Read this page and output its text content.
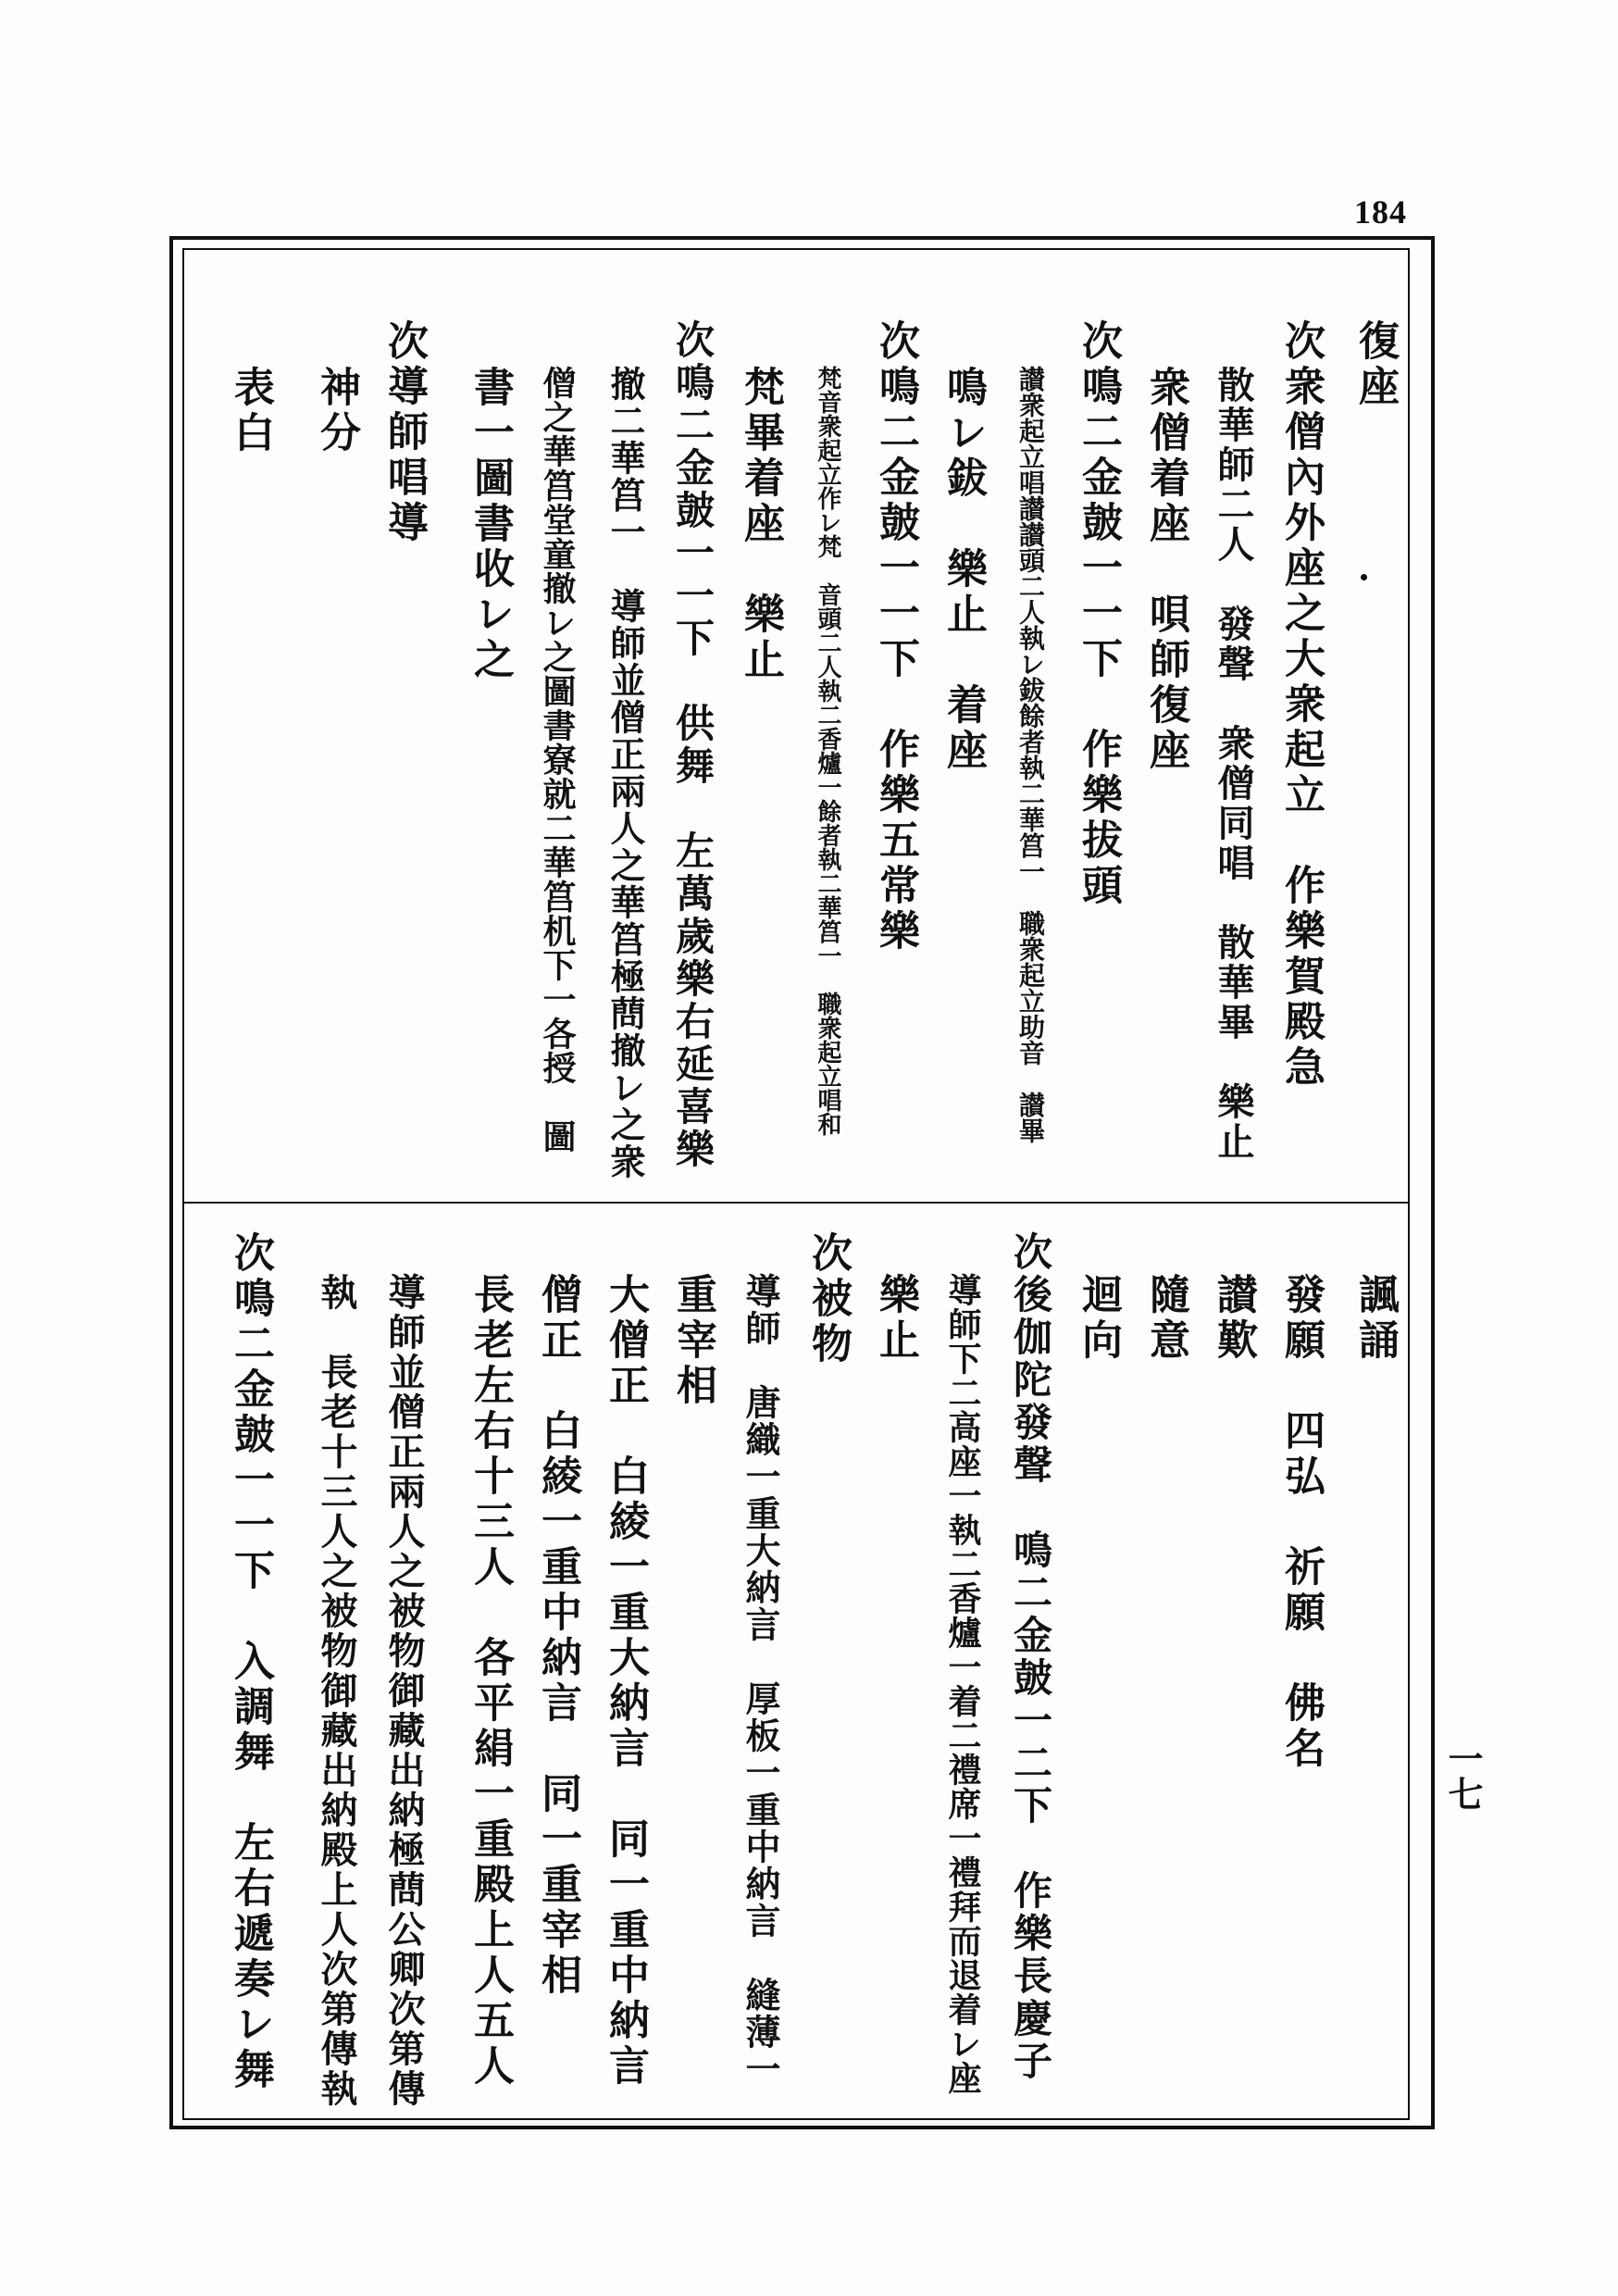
184
一七
復座
次衆僧內外座之大衆起立　作樂賀殿急
散華師二人　發聲　衆僧同唱　散華畢　樂止
衆僧着座　唄師復座
次鳴二金皷一一下　作樂拔頭
讃衆起立唱讃讃頭二人執レ鈸餘者執二華筥一　職衆起立助音　讃畢
鳴レ鈸　樂止　着座
次鳴二金皷一一下　作樂五常樂
梵音衆起立作レ梵　音頭二人執二香爐一餘者執二華筥一　職衆起立唱和
梵畢着座　樂止
次鳴二金皷一一下　供舞　左萬歲樂右延喜樂
撤二華筥一　導師並僧正兩人之華筥極蔄撤レ之衆
僧之華筥堂童撤レ之圖書寮就二華筥机下一各授　圖
書一圖書收レ之
次導師唱導
神分
表白
諷誦
發願　四弘　祈願　佛名
讃歎
隨意
迴向
次後伽陀發聲　鳴二金皷一二下　作樂長慶子
導師下二高座一執二香爐一着二禮席一禮拜而退着レ座
樂止
次被物
導師　唐織一重大納言　厚板一重中納言　縫薄一
重宰相
大僧正　白綾一重大納言　同一重中納言
僧正　白綾一重中納言　同一重宰相
長老左右十三人　各平絹一重殿上人五人
導師並僧正兩人之被物御藏出納極蔄公卿次第傳
執　長老十三人之被物御藏出納殿上人次第傳執
次鳴二金皷一一下　入調舞　左右遞奏レ舞
